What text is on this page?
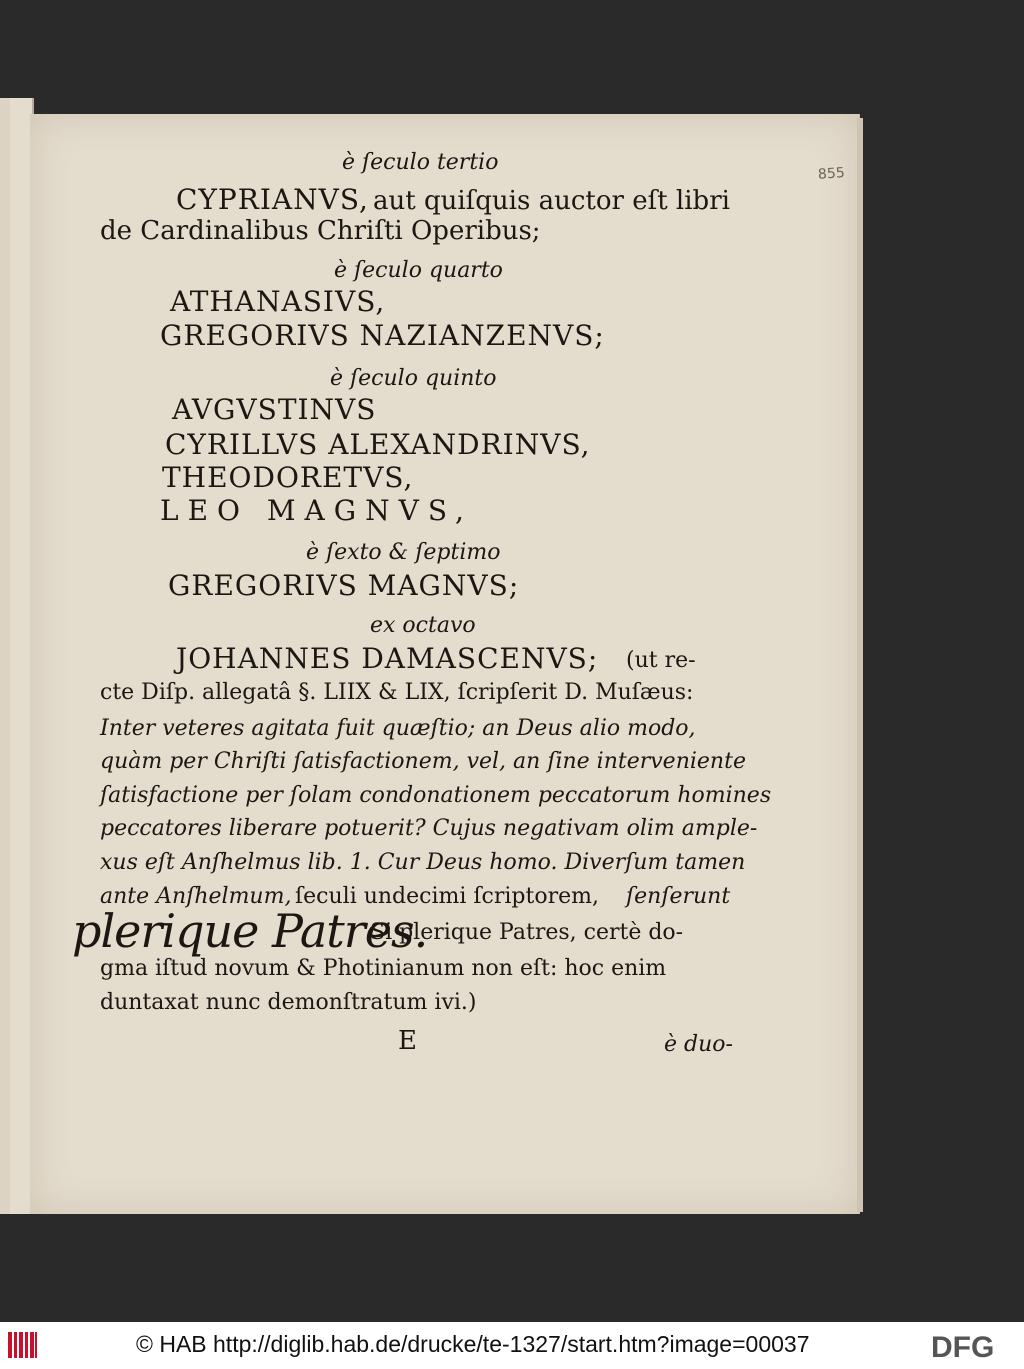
855
è ſeculo tertio
CYPRIANVS, aut quiſquis auctor eſt libri
de Cardinalibus Chriſti Operibus;
è ſeculo quarto
ATHANASIVS,
GREGORIVS NAZIANZENVS;
è ſeculo quinto
AVGVSTINVS
CYRILLVS ALEXANDRINVS,
THEODORETVS,
LEO MAGNVS,
è ſexto & ſeptimo
GREGORIVS MAGNVS;
ex octavo
JOHANNES DAMASCENVS; (ut re-
cte Diſp. allegatâ §. LIIX & LIX, ſcripſerit D. Muſæus:
Inter veteres agitata fuit quæſtio; an Deus alio modo,
quàm per Chriſti ſatisfactionem, vel, an ſine interveniente
ſatisfactione per ſolam condonationem peccatorum homines
peccatores liberare potuerit? Cujus negativam olim ample-
xus eſt Anſhelmus lib. 1. Cur Deus homo. Diverſum tamen
ante Anſhelmum, ſeculi undecimi ſcriptorem, ſenſerunt
plerique Patres.
Si plerique Patres, certè do-
gma iſtud novum & Photinianum non eſt: hoc enim
duntaxat nunc demonſtratum ivi.)
E	è duo-
© HAB http://diglib.hab.de/drucke/te-1327/start.htm?image=00037	DFG
